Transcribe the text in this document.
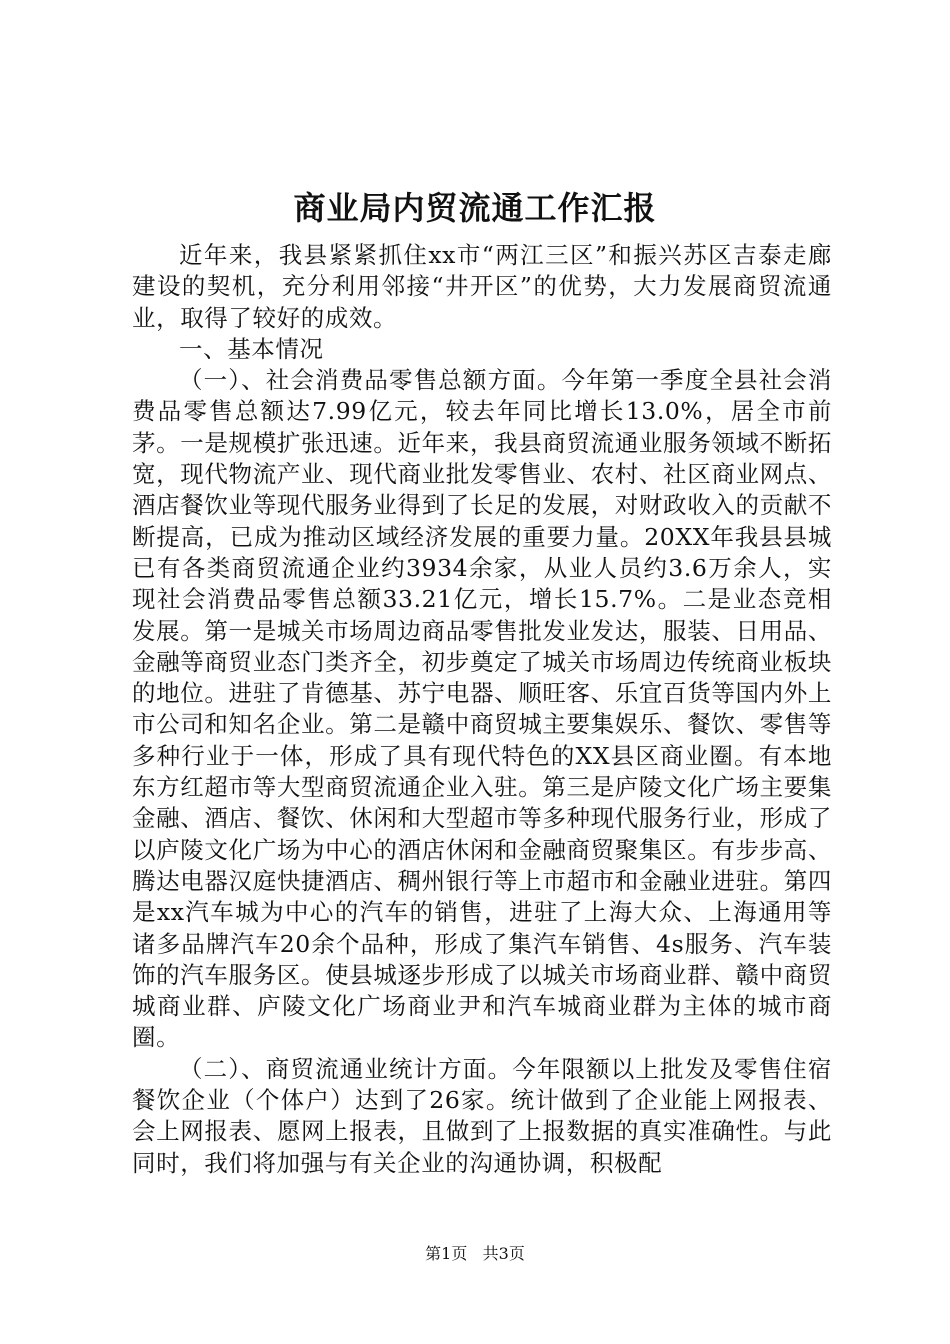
商业局内贸流通工作汇报

近年来，我县紧紧抓住xx市“两江三区”和振兴苏区吉泰走廊建设的契机，充分利用邻接“井开区”的优势，大力发展商贸流通业，取得了较好的成效。

一、基本情况

（一）、社会消费品零售总额方面。今年第一季度全县社会消费品零售总额达7.99亿元，较去年同比增长13.0%，居全市前茅。一是规模扩张迅速。近年来，我县商贸流通业服务领域不断拓宽，现代物流产业、现代商业批发零售业、农村、社区商业网点、酒店餐饮业等现代服务业得到了长足的发展，对财政收入的贡献不断提高，已成为推动区域经济发展的重要力量。20XX年我县县城已有各类商贸流通企业约3934余家，从业人员约3.6万余人，实现社会消费品零售总额33.21亿元，增长15.7%。二是业态竞相发展。第一是城关市场周边商品零售批发业发达，服装、日用品、金融等商贸业态门类齐全，初步奠定了城关市场周边传统商业板块的地位。进驻了肯德基、苏宁电器、顺旺客、乐宜百货等国内外上市公司和知名企业。第二是赣中商贸城主要集娱乐、餐饮、零售等多种行业于一体，形成了具有现代特色的XX县区商业圈。有本地东方红超市等大型商贸流通企业入驻。第三是庐陵文化广场主要集金融、酒店、餐饮、休闲和大型超市等多种现代服务行业，形成了以庐陵文化广场为中心的酒店休闲和金融商贸聚集区。有步步高、腾达电器汉庭快捷酒店、稠州银行等上市超市和金融业进驻。第四是xx汽车城为中心的汽车的销售，进驻了上海大众、上海通用等诸多品牌汽车20余个品种，形成了集汽车销售、4s服务、汽车装饰的汽车服务区。使县城逐步形成了以城关市场商业群、赣中商贸城商业群、庐陵文化广场商业尹和汽车城商业群为主体的城市商圈。

（二）、商贸流通业统计方面。今年限额以上批发及零售住宿餐饮企业（个体户）达到了26家。统计做到了企业能上网报表、会上网报表、愿网上报表，且做到了上报数据的真实准确性。与此同时，我们将加强与有关企业的沟通协调，积极配

第1页 共3页
